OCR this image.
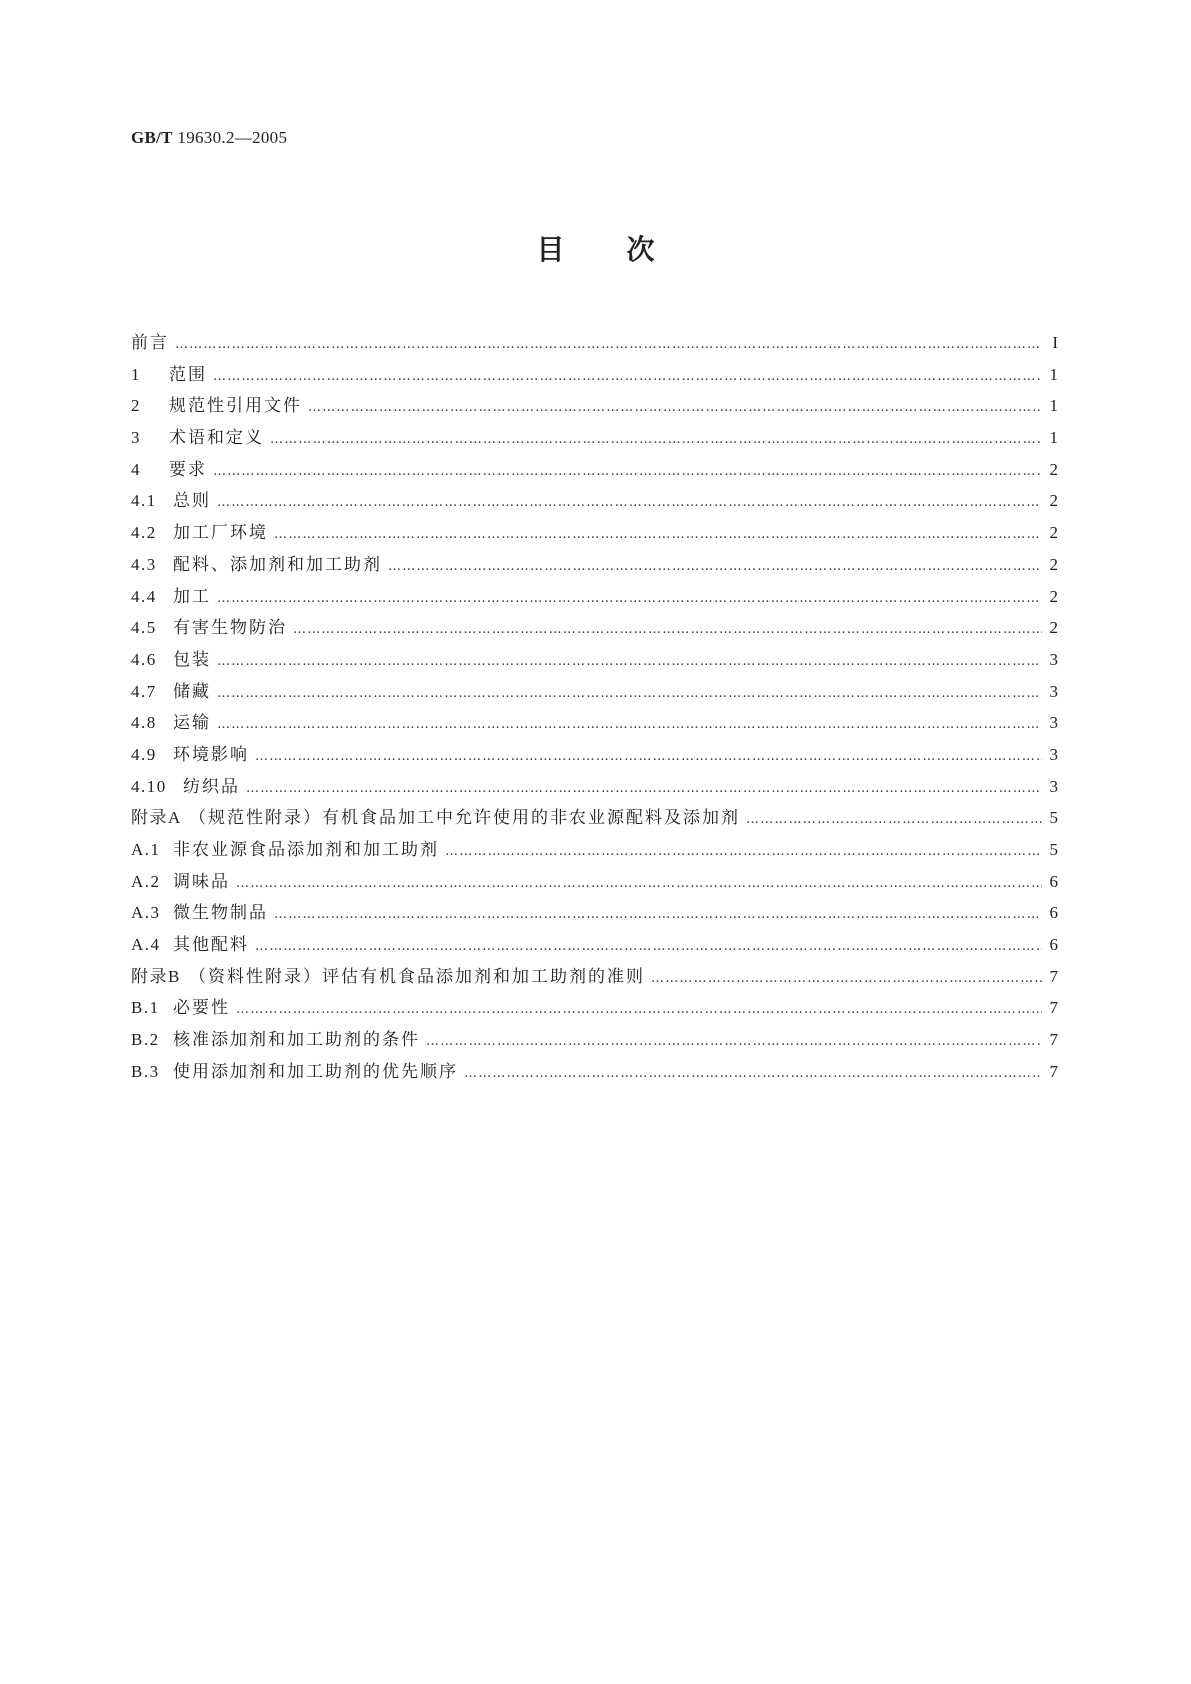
GB/T 19630.2—2005
目次
前言 ……………………………………………………………………………………………………………………………………………………………………………………	I
1	范围 ……………………………………………………………………………………………………………………………………………………………………………………	1
2	规范性引用文件 ……………………………………………………………………………………………………………………………………………………………………………………	1
3	术语和定义 ……………………………………………………………………………………………………………………………………………………………………………………	1
4	要求 ……………………………………………………………………………………………………………………………………………………………………………………	2
4.1 总则 ……………………………………………………………………………………………………………………………………………………………………………………	2
4.2 加工厂环境 ……………………………………………………………………………………………………………………………………………………………………………………	2
4.3 配料、添加剂和加工助剂 ……………………………………………………………………………………………………………………………………………………………………………………	2
4.4 加工 ……………………………………………………………………………………………………………………………………………………………………………………	2
4.5 有害生物防治 ……………………………………………………………………………………………………………………………………………………………………………………	2
4.6 包装 ……………………………………………………………………………………………………………………………………………………………………………………	3
4.7 储藏 ……………………………………………………………………………………………………………………………………………………………………………………	3
4.8 运输 ……………………………………………………………………………………………………………………………………………………………………………………	3
4.9 环境影响 ……………………………………………………………………………………………………………………………………………………………………………………	3
4.10 纺织品 ……………………………………………………………………………………………………………………………………………………………………………………	3
附录A （规范性附录）有机食品加工中允许使用的非农业源配料及添加剂 ……………………………………………………………………………………………………………………………………………………………………………………	5
A.1 非农业源食品添加剂和加工助剂 ……………………………………………………………………………………………………………………………………………………………………………………	5
A.2 调味品 ……………………………………………………………………………………………………………………………………………………………………………………	6
A.3 微生物制品 ……………………………………………………………………………………………………………………………………………………………………………………	6
A.4 其他配料 ……………………………………………………………………………………………………………………………………………………………………………………	6
附录B （资料性附录）评估有机食品添加剂和加工助剂的准则 ……………………………………………………………………………………………………………………………………………………………………………………	7
B.1 必要性 ……………………………………………………………………………………………………………………………………………………………………………………	7
B.2 核准添加剂和加工助剂的条件 ……………………………………………………………………………………………………………………………………………………………………………………	7
B.3 使用添加剂和加工助剂的优先顺序 ……………………………………………………………………………………………………………………………………………………………………………………	7
